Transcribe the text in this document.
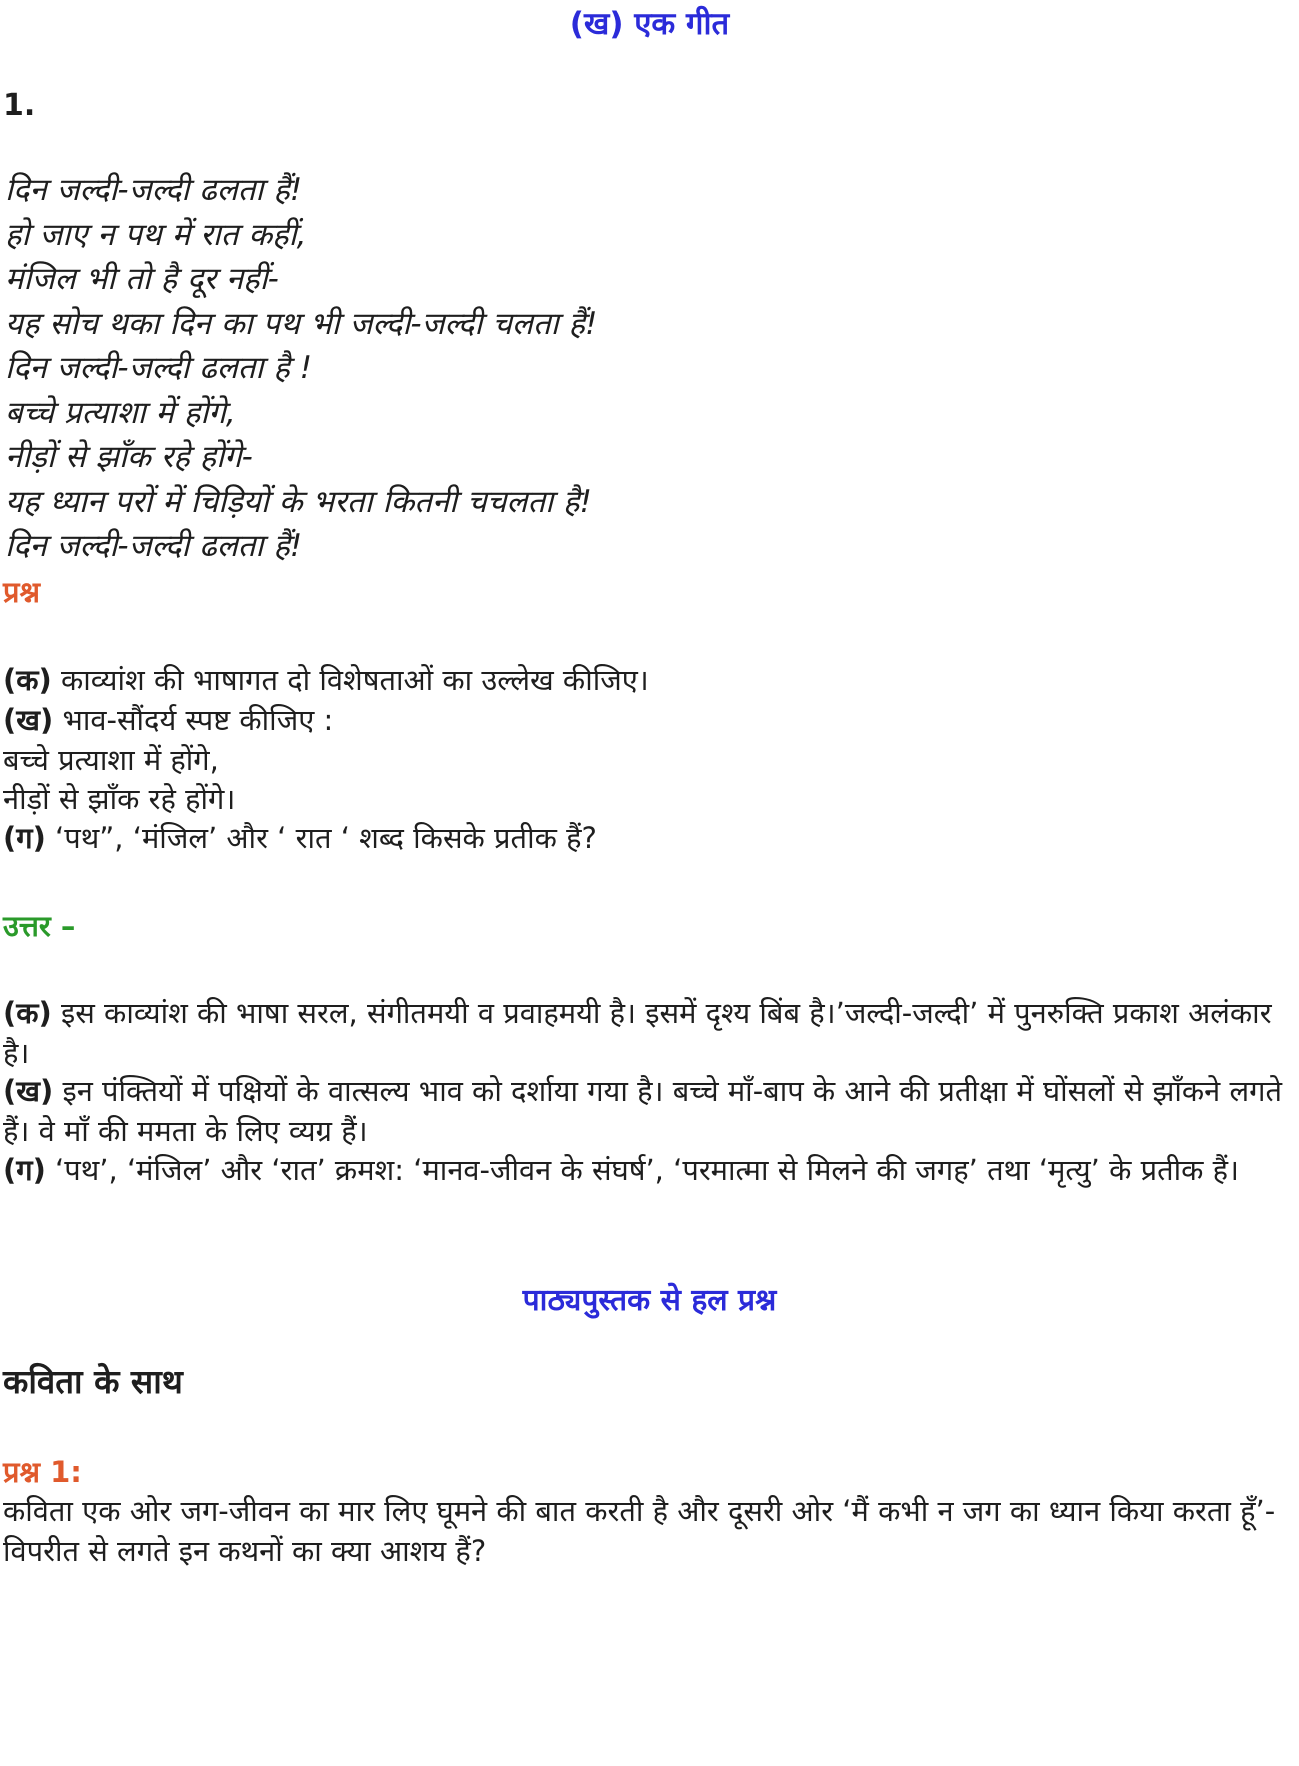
(ख) एक गीत
1.
दिन जल्दी-जल्दी ढलता हैं!
हो जाए न पथ में रात कहीं,
मंजिल भी तो है दूर नहीं-
यह सोच थका दिन का पथ भी जल्दी-जल्दी चलता हैं!
दिन जल्दी-जल्दी ढलता है !
बच्चे प्रत्याशा में होंगे,
नीड़ों से झाँक रहे होंगे-
यह ध्यान परों में चिड़ियों के भरता कितनी चचलता है!
दिन जल्दी-जल्दी ढलता हैं!
प्रश्न
(क) काव्यांश की भाषागत दो विशेषताओं का उल्लेख कीजिए।
(ख) भाव-सौंदर्य स्पष्ट कीजिए :
बच्चे प्रत्याशा में होंगे,
नीड़ों से झाँक रहे होंगे।
(ग) ‘पथ”, ‘मंजिल’ और ‘ रात ‘ शब्द किसके प्रतीक हैं?
उत्तर –
(क) इस काव्यांश की भाषा सरल, संगीतमयी व प्रवाहमयी है। इसमें दृश्य बिंब है।’जल्दी-जल्दी’ में पुनरुक्ति प्रकाश अलंकार है।
(ख) इन पंक्तियों में पक्षियों के वात्सल्य भाव को दर्शाया गया है। बच्चे माँ-बाप के आने की प्रतीक्षा में घोंसलों से झाँकने लगते हैं। वे माँ की ममता के लिए व्यग्र हैं।
(ग) ‘पथ’, ‘मंजिल’ और ‘रात’ क्रमश: ‘मानव-जीवन के संघर्ष’, ‘परमात्मा से मिलने की जगह’ तथा ‘मृत्यु’ के प्रतीक हैं।
पाठ्यपुस्तक से हल प्रश्न
कविता के साथ
प्रश्न 1:
कविता एक ओर जग-जीवन का मार लिए घूमने की बात करती है और दूसरी ओर ‘मैं कभी न जग का ध्यान किया करता हूँ’-विपरीत से लगते इन कथनों का क्या आशय हैं?
